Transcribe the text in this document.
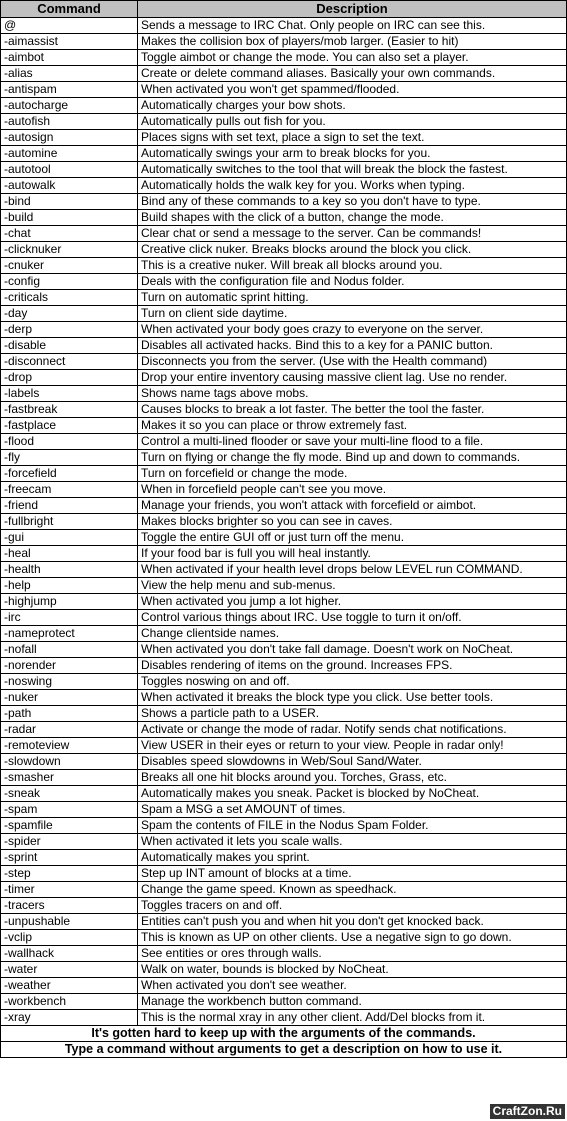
Command	Description
@	Sends a message to IRC Chat. Only people on IRC can see this.
-aimassist	Makes the collision box of players/mob larger. (Easier to hit)
-aimbot	Toggle aimbot or change the mode. You can also set a player.
-alias	Create or delete command aliases. Basically your own commands.
-antispam	When activated you won't get spammed/flooded.
-autocharge	Automatically charges your bow shots.
-autofish	Automatically pulls out fish for you.
-autosign	Places signs with set text, place a sign to set the text.
-automine	Automatically swings your arm to break blocks for you.
-autotool	Automatically switches to the tool that will break the block the fastest.
-autowalk	Automatically holds the walk key for you. Works when typing.
-bind	Bind any of these commands to a key so you don't have to type.
-build	Build shapes with the click of a button, change the mode.
-chat	Clear chat or send a message to the server. Can be commands!
-clicknuker	Creative click nuker. Breaks blocks around the block you click.
-cnuker	This is a creative nuker. Will break all blocks around you.
-config	Deals with the configuration file and Nodus folder.
-criticals	Turn on automatic sprint hitting.
-day	Turn on client side daytime.
-derp	When activated your body goes crazy to everyone on the server.
-disable	Disables all activated hacks. Bind this to a key for a PANIC button.
-disconnect	Disconnects you from the server. (Use with the Health command)
-drop	Drop your entire inventory causing massive client lag. Use no render.
-labels	Shows name tags above mobs.
-fastbreak	Causes blocks to break a lot faster. The better the tool the faster.
-fastplace	Makes it so you can place or throw extremely fast.
-flood	Control a multi-lined flooder or save your multi-line flood to a file.
-fly	Turn on flying or change the fly mode. Bind up and down to commands.
-forcefield	Turn on forcefield or change the mode.
-freecam	When in forcefield people can't see you move.
-friend	Manage your friends, you won't attack with forcefield or aimbot.
-fullbright	Makes blocks brighter so you can see in caves.
-gui	Toggle the entire GUI off or just turn off the menu.
-heal	If your food bar is full you will heal instantly.
-health	When activated if your health level drops below LEVEL run COMMAND.
-help	View the help menu and sub-menus.
-highjump	When activated you jump a lot higher.
-irc	Control various things about IRC. Use toggle to turn it on/off.
-nameprotect	Change clientside names.
-nofall	When activated you don't take fall damage. Doesn't work on NoCheat.
-norender	Disables rendering of items on the ground. Increases FPS.
-noswing	Toggles noswing on and off.
-nuker	When activated it breaks the block type you click. Use better tools.
-path	Shows a particle path to a USER.
-radar	Activate or change the mode of radar. Notify sends chat notifications.
-remoteview	View USER in their eyes or return to your view. People in radar only!
-slowdown	Disables speed slowdowns in Web/Soul Sand/Water.
-smasher	Breaks all one hit blocks around you. Torches, Grass, etc.
-sneak	Automatically makes you sneak. Packet is blocked by NoCheat.
-spam	Spam a MSG a set AMOUNT of times.
-spamfile	Spam the contents of FILE in the Nodus Spam Folder.
-spider	When activated it lets you scale walls.
-sprint	Automatically makes you sprint.
-step	Step up INT amount of blocks at a time.
-timer	Change the game speed. Known as speedhack.
-tracers	Toggles tracers on and off.
-unpushable	Entities can't push you and when hit you don't get knocked back.
-vclip	This is known as UP on other clients. Use a negative sign to go down.
-wallhack	See entities or ores through walls.
-water	Walk on water, bounds is blocked by NoCheat.
-weather	When activated you don't see weather.
-workbench	Manage the workbench button command.
-xray	This is the normal xray in any other client. Add/Del blocks from it.
It's gotten hard to keep up with the arguments of the commands.	
Type a command without arguments to get a description on how to use it.	
CraftZon.Ru
